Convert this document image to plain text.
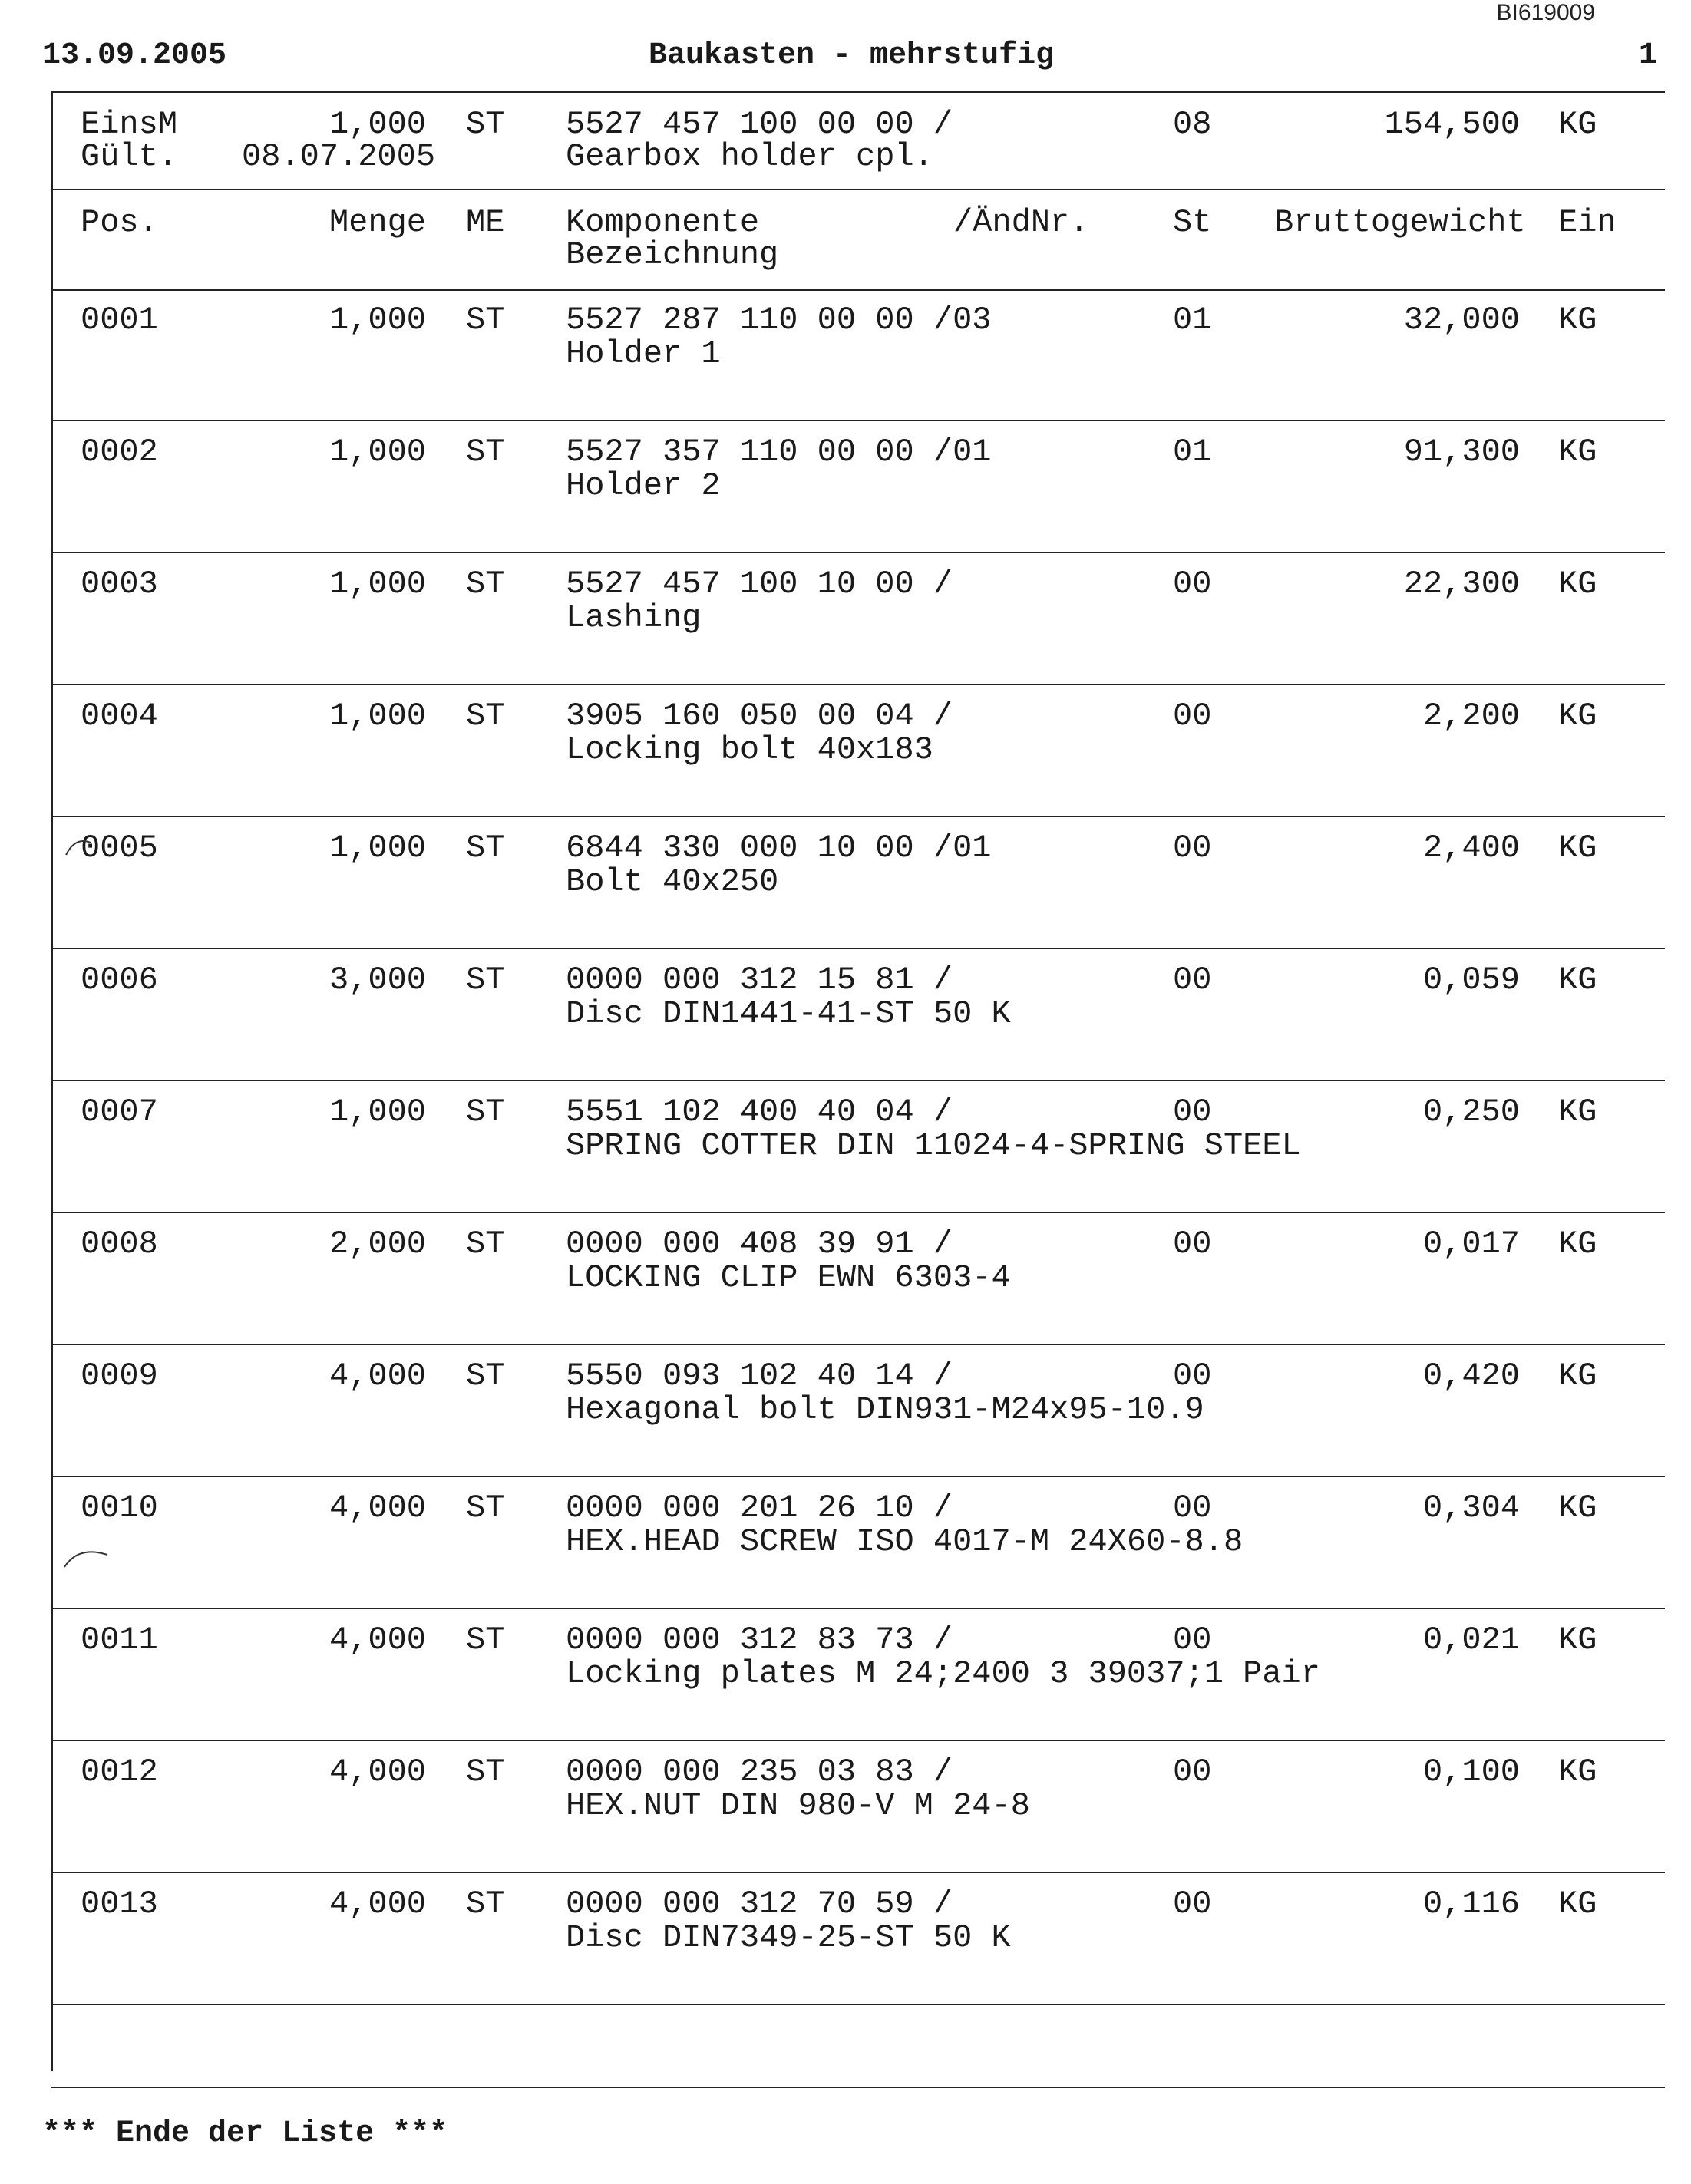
BI619009
13.09.2005	Baukasten - mehrstufig	1
EinsM	1,000 ST 5527 457 100 00 00 /	08	154,500 KG
Gült. 08.07.2005	Gearbox holder cpl.
Pos.	Menge ME Komponente	/ÄndNr.	St Bruttogewicht Ein
Bezeichnung
0001	1,000 ST 5527 287 110 00 00 /03	01	32,000 KG
Holder 1
0002	1,000 ST 5527 357 110 00 00 /01	01	91,300 KG
Holder 2
0003	1,000 ST 5527 457 100 10 00 /	00	22,300 KG
Lashing
0004	1,000 ST 3905 160 050 00 04 /	00	2,200 KG
Locking bolt 40x183
0005	1,000 ST 6844 330 000 10 00 /01	00	2,400 KG
Bolt 40x250
0006	3,000 ST 0000 000 312 15 81 /	00	0,059 KG
Disc DIN1441-41-ST 50 K
0007	1,000 ST 5551 102 400 40 04 /	00	0,250 KG
SPRING COTTER DIN 11024-4-SPRING STEEL
0008	2,000 ST 0000 000 408 39 91 /	00	0,017 KG
LOCKING CLIP EWN 6303-4
0009	4,000 ST 5550 093 102 40 14 /	00	0,420 KG
Hexagonal bolt DIN931-M24x95-10.9
0010	4,000 ST 0000 000 201 26 10 /	00	0,304 KG
HEX.HEAD SCREW ISO 4017-M 24X60-8.8
0011	4,000 ST 0000 000 312 83 73 /	00	0,021 KG
Locking plates M 24;2400 3 39037;1 Pair
0012	4,000 ST 0000 000 235 03 83 /	00	0,100 KG
HEX.NUT DIN 980-V M 24-8
0013	4,000 ST 0000 000 312 70 59 /	00	0,116 KG
Disc DIN7349-25-ST 50 K
*** Ende der Liste ***
